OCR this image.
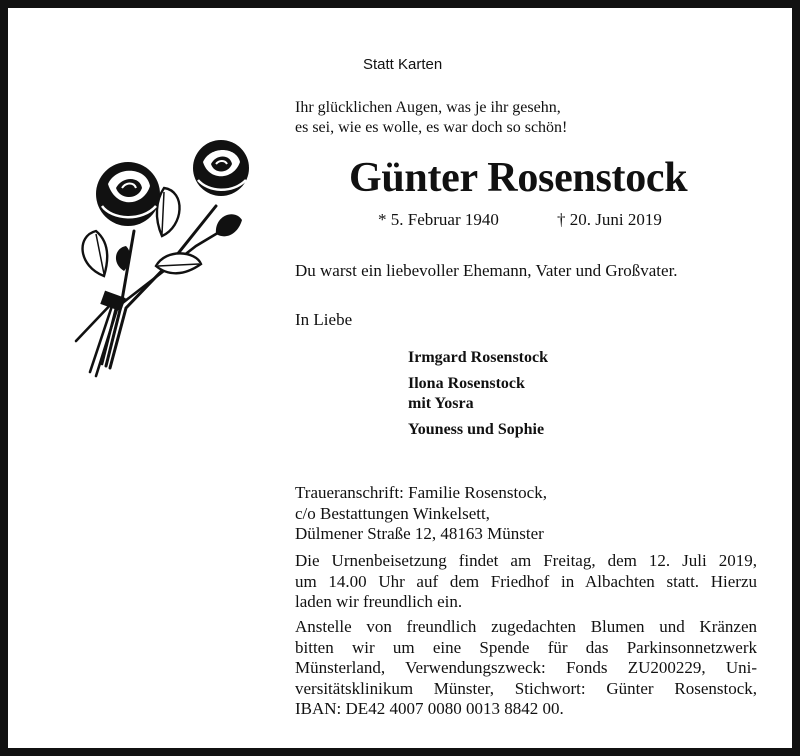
Statt Karten
Ihr glücklichen Augen, was je ihr gesehn,
es sei, wie es wolle, es war doch so schön!
Günter Rosenstock
* 5. Februar 1940	† 20. Juni 2019
Du warst ein liebevoller Ehemann, Vater und Großvater.
In Liebe
Irmgard Rosenstock
Ilona Rosenstock
mit Yosra
Youness und Sophie
Traueranschrift: Familie Rosenstock,
c/o Bestattungen Winkelsett,
Dülmener Straße 12, 48163 Münster
Die Urnenbeisetzung findet am Freitag, dem 12. Juli 2019,
um 14.00 Uhr auf dem Friedhof in Albachten statt. Hierzu
laden wir freundlich ein.
Anstelle von freundlich zugedachten Blumen und Kränzen
bitten wir um eine Spende für das Parkinsonnetzwerk
Münsterland, Verwendungszweck: Fonds ZU200229, Uni-
versitätsklinikum Münster, Stichwort: Günter Rosenstock,
IBAN: DE42 4007 0080 0013 8842 00.
